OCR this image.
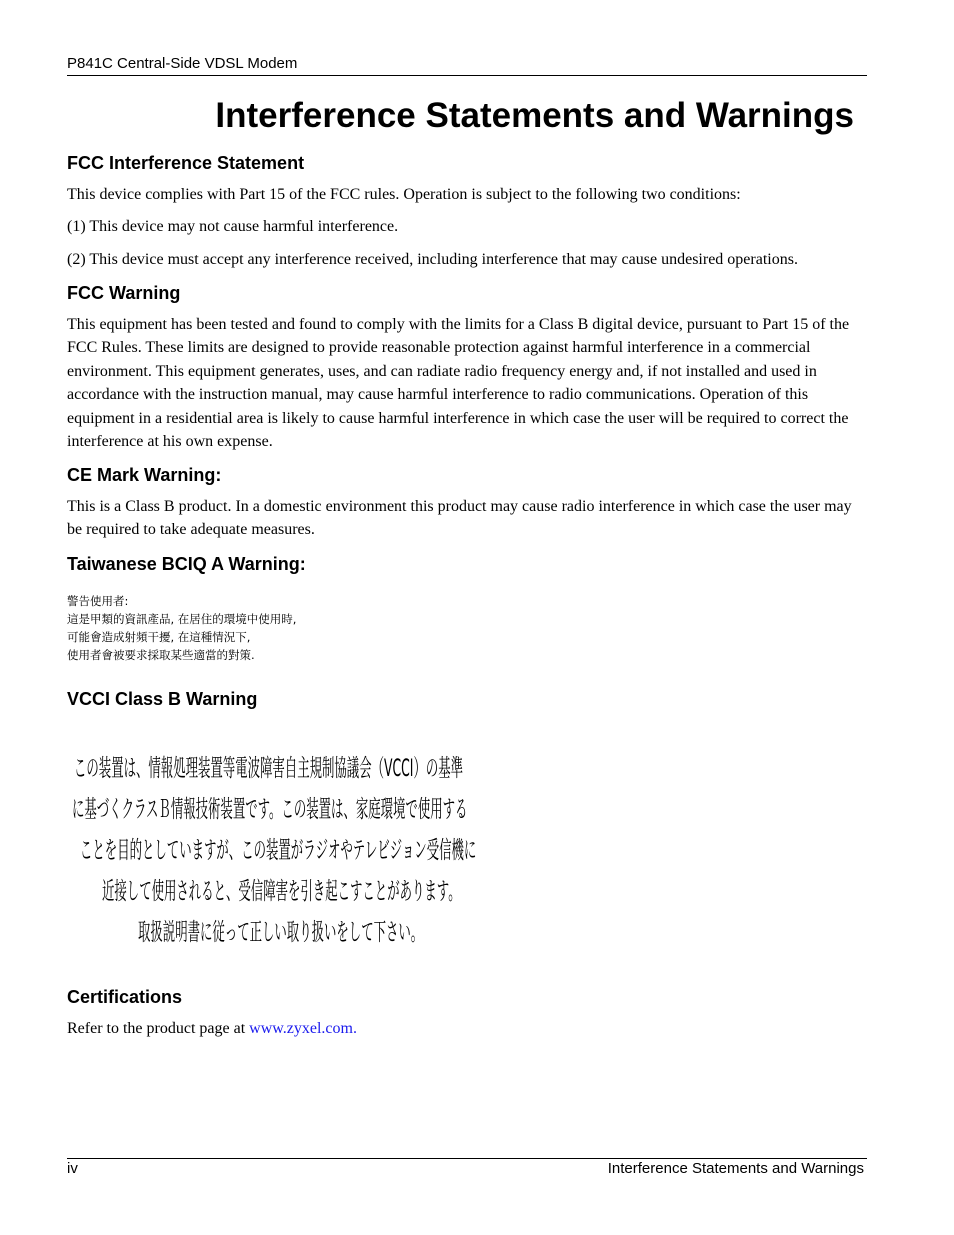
P841C Central-Side VDSL Modem
Interference Statements and Warnings
FCC Interference Statement

This device complies with Part 15 of the FCC rules. Operation is subject to the following two conditions:

(1) This device may not cause harmful interference.

(2) This device must accept any interference received, including interference that may cause undesired operations.

FCC Warning

This equipment has been tested and found to comply with the limits for a Class B digital device, pursuant to Part 15 of the FCC Rules. These limits are designed to provide reasonable protection against harmful interference in a commercial environment. This equipment generates, uses, and can radiate radio frequency energy and, if not installed and used in accordance with the instruction manual, may cause harmful interference to radio communications. Operation of this equipment in a residential area is likely to cause harmful interference in which case the user will be required to correct the interference at his own expense.

CE Mark Warning:

This is a Class B product. In a domestic environment this product may cause radio interference in which case the user may be required to take adequate measures.

Taiwanese BCIQ A Warning:
警告使用者:
這是甲類的資訊產品, 在居住的環境中使用時,
可能會造成射頻干擾, 在這種情況下,
使用者會被要求採取某些適當的對策.
VCCI Class B Warning
この装置は、情報処理装置等電波障害自主規制協議会（VCCI）の基準
に基づくクラスＢ情報技術装置です。この装置は、家庭環境で使用する
ことを目的としていますが、この装置がラジオやテレビジョン受信機に
近接して使用されると、受信障害を引き起こすことがあります。
取扱説明書に従って正しい取り扱いをして下さい。
Certifications

Refer to the product page at www.zyxel.com.

iv	Interference Statements and Warnings
